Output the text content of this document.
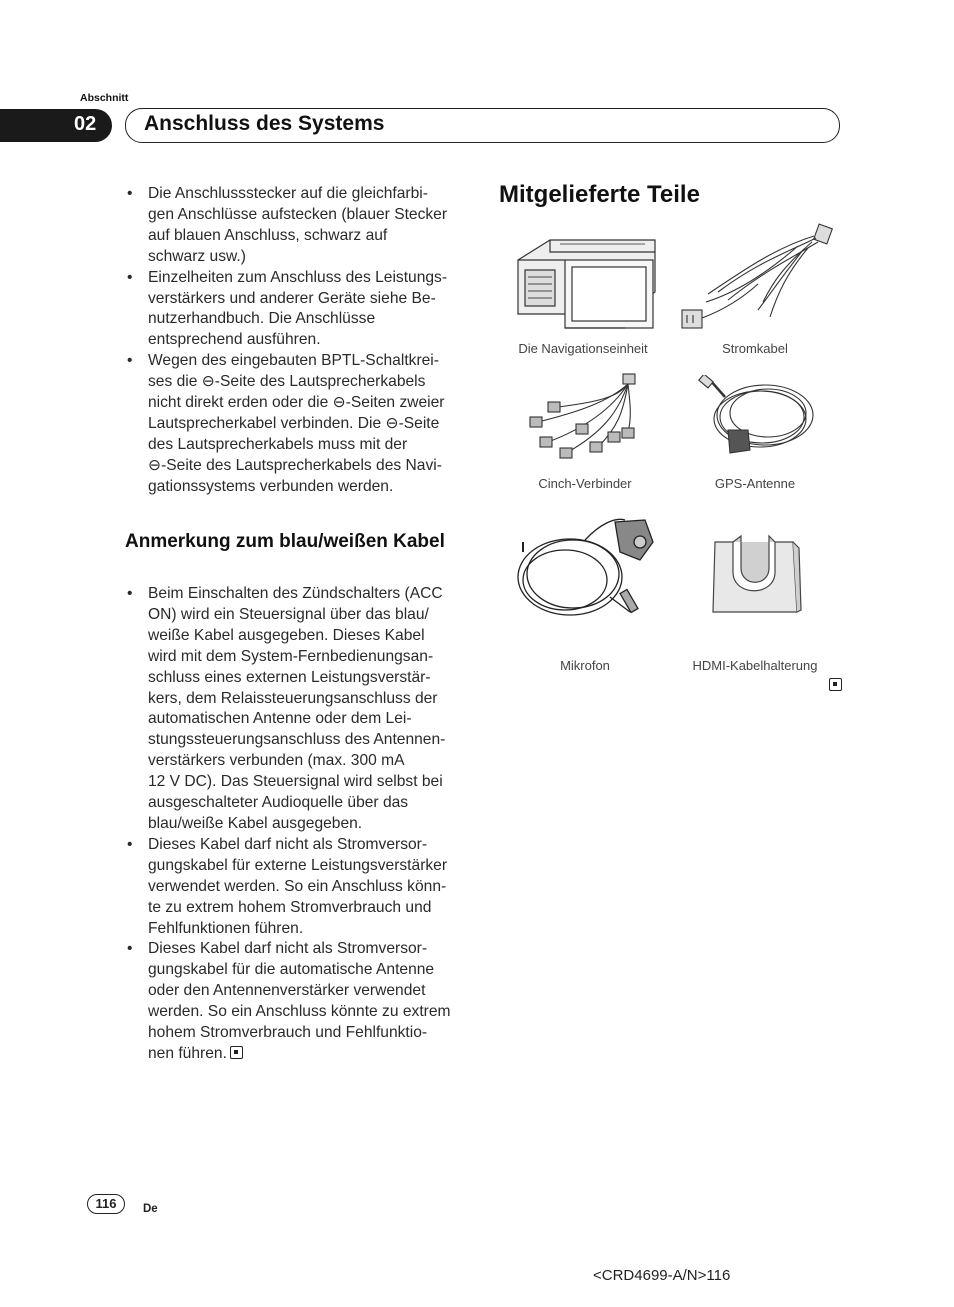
Abschnitt
02 Anschluss des Systems
• Die Anschlussstecker auf die gleichfarbi-
gen Anschlüsse aufstecken (blauer Stecker
auf blauen Anschluss, schwarz auf
schwarz usw.)
• Einzelheiten zum Anschluss des Leistungs-
verstärkers und anderer Geräte siehe Be-
nutzerhandbuch. Die Anschlüsse
entsprechend ausführen.
• Wegen des eingebauten BPTL-Schaltkrei-
ses die ⊖-Seite des Lautsprecherkabels
nicht direkt erden oder die ⊖-Seiten zweier
Lautsprecherkabel verbinden. Die ⊖-Seite
des Lautsprecherkabels muss mit der
⊖-Seite des Lautsprecherkabels des Navi-
gationssystems verbunden werden.
Anmerkung zum blau/weißen Kabel
• Beim Einschalten des Zündschalters (ACC
ON) wird ein Steuersignal über das blau/
weiße Kabel ausgegeben. Dieses Kabel
wird mit dem System-Fernbedienungsan-
schluss eines externen Leistungsverstär-
kers, dem Relaissteuerungsanschluss der
automatischen Antenne oder dem Lei-
stungssteuerungsanschluss des Antennen-
verstärkers verbunden (max. 300 mA
12 V DC). Das Steuersignal wird selbst bei
ausgeschalteter Audioquelle über das
blau/weiße Kabel ausgegeben.
• Dieses Kabel darf nicht als Stromversor-
gungskabel für externe Leistungsverstärker
verwendet werden. So ein Anschluss könn-
te zu extrem hohem Stromverbrauch und
Fehlfunktionen führen.
• Dieses Kabel darf nicht als Stromversor-
gungskabel für die automatische Antenne
oder den Antennenverstärker verwendet
werden. So ein Anschluss könnte zu extrem
hohem Stromverbrauch und Fehlfunktio-
nen führen.
Mitgelieferte Teile
Die Navigationseinheit	Stromkabel
Cinch-Verbinder	GPS-Antenne
Mikrofon	HDMI-Kabelhalterung
116	De
<CRD4699-A/N>116
